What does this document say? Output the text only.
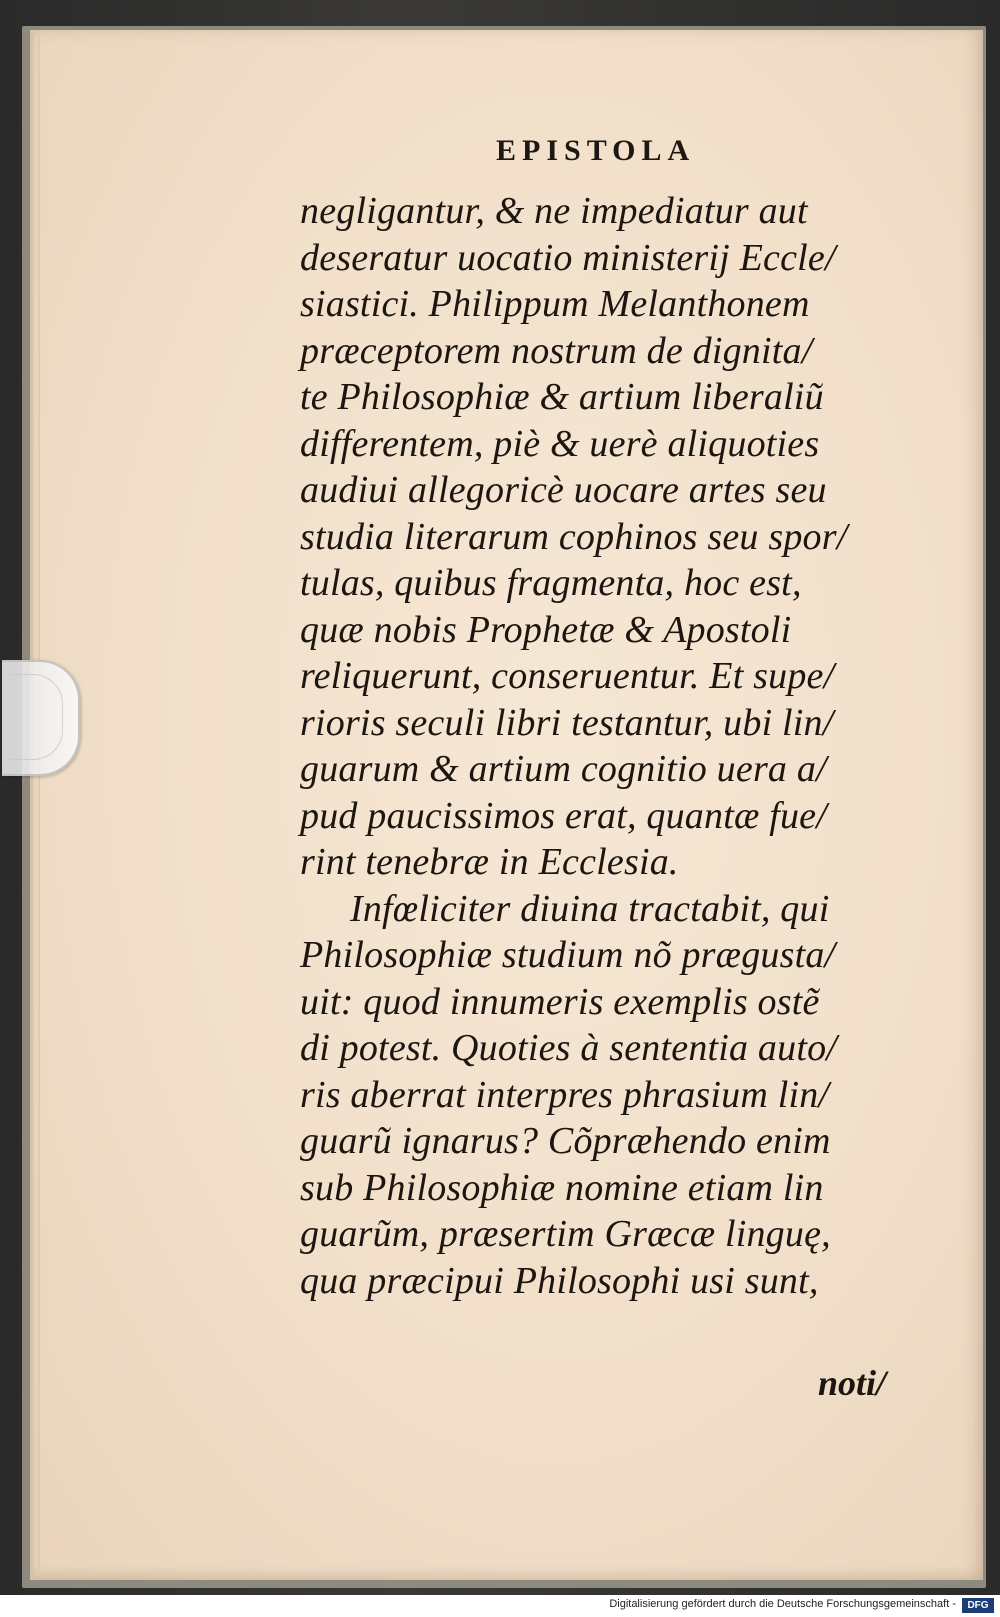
EPISTOLA
negligantur, & ne impediatur aut
deseratur uocatio ministerij Eccle/
siastici. Philippum Melanthonem
præceptorem nostrum de dignita/
te Philosophiæ & artium liberaliũ
differentem, piè & uerè aliquoties
audiui allegoricè uocare artes seu
studia literarum cophinos seu spor/
tulas, quibus fragmenta, hoc est,
quæ nobis Prophetæ & Apostoli
reliquerunt, conseruentur. Et supe/
rioris seculi libri testantur, ubi lin/
guarum & artium cognitio uera a/
pud paucissimos erat, quantæ fue/
rint tenebræ in Ecclesia.
Infœliciter diuina tractabit, qui
Philosophiæ studium nõ prægusta/
uit: quod innumeris exemplis ostẽ
di potest. Quoties à sententia auto/
ris aberrat interpres phrasium lin/
guarũ ignarus? Cõpræhendo enim
sub Philosophiæ nomine etiam lin
guarũm, præsertim Græcæ linguę,
qua præcipui Philosophi usi sunt,
noti/
Digitalisierung gefördert durch die Deutsche Forschungsgemeinschaft -	DFG
